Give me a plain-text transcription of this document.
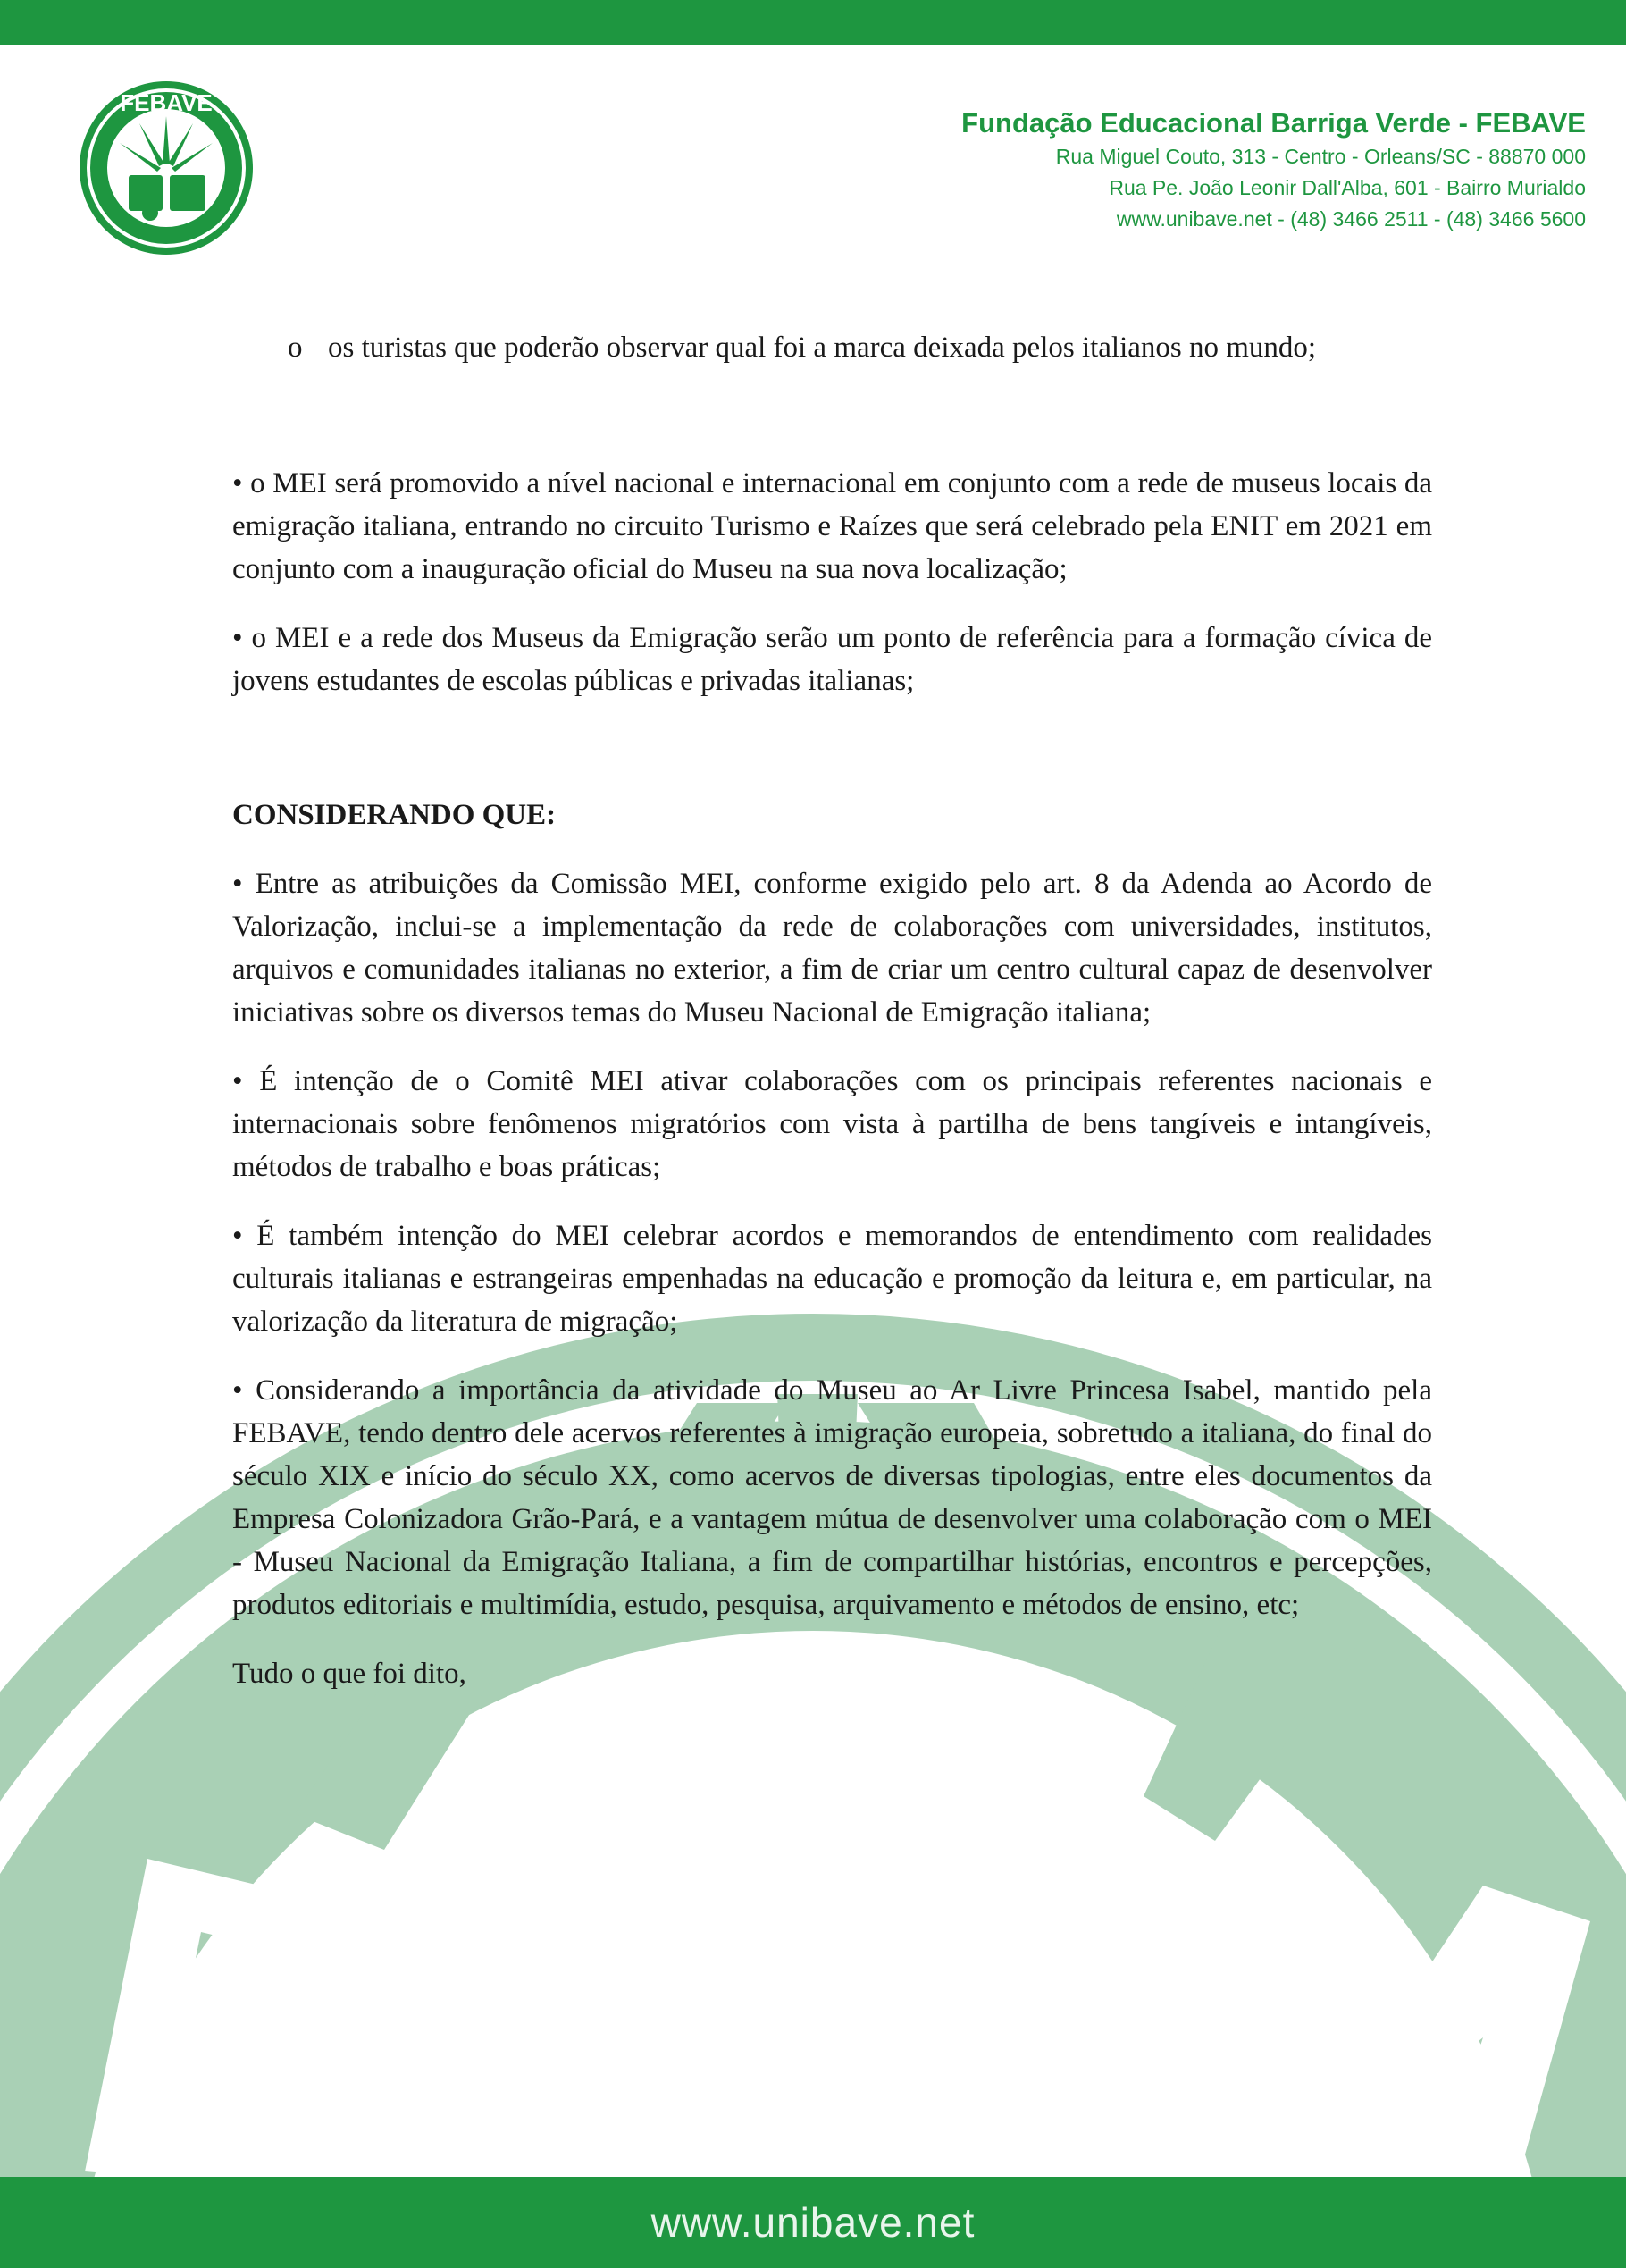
FEBAVE
Fundação Educacional Barriga Verde - FEBAVE
Rua Miguel Couto, 313 - Centro - Orleans/SC - 88870 000
Rua Pe. João Leonir Dall'Alba, 601 - Bairro Murialdo
www.unibave.net - (48) 3466 2511 - (48) 3466 5600
o os turistas que poderão observar qual foi a marca deixada pelos italianos no mundo;

• o MEI será promovido a nível nacional e internacional em conjunto com a rede de museus locais da emigração italiana, entrando no circuito Turismo e Raízes que será celebrado pela ENIT em 2021 em conjunto com a inauguração oficial do Museu na sua nova localização;

• o MEI e a rede dos Museus da Emigração serão um ponto de referência para a formação cívica de jovens estudantes de escolas públicas e privadas italianas;

CONSIDERANDO QUE:

• Entre as atribuições da Comissão MEI, conforme exigido pelo art. 8 da Adenda ao Acordo de Valorização, inclui-se a implementação da rede de colaborações com universidades, institutos, arquivos e comunidades italianas no exterior, a fim de criar um centro cultural capaz de desenvolver iniciativas sobre os diversos temas do Museu Nacional de Emigração italiana;

• É intenção de o Comitê MEI ativar colaborações com os principais referentes nacionais e internacionais sobre fenômenos migratórios com vista à partilha de bens tangíveis e intangíveis, métodos de trabalho e boas práticas;

• É também intenção do MEI celebrar acordos e memorandos de entendimento com realidades culturais italianas e estrangeiras empenhadas na educação e promoção da leitura e, em particular, na valorização da literatura de migração;

• Considerando a importância da atividade do Museu ao Ar Livre Princesa Isabel, mantido pela FEBAVE, tendo dentro dele acervos referentes à imigração europeia, sobretudo a italiana, do final do século XIX e início do século XX, como acervos de diversas tipologias, entre eles documentos da Empresa Colonizadora Grão-Pará, e a vantagem mútua de desenvolver uma colaboração com o MEI - Museu Nacional da Emigração Italiana, a fim de compartilhar histórias, encontros e percepções, produtos editoriais e multimídia, estudo, pesquisa, arquivamento e métodos de ensino, etc;

Tudo o que foi dito,

www.unibave.net
